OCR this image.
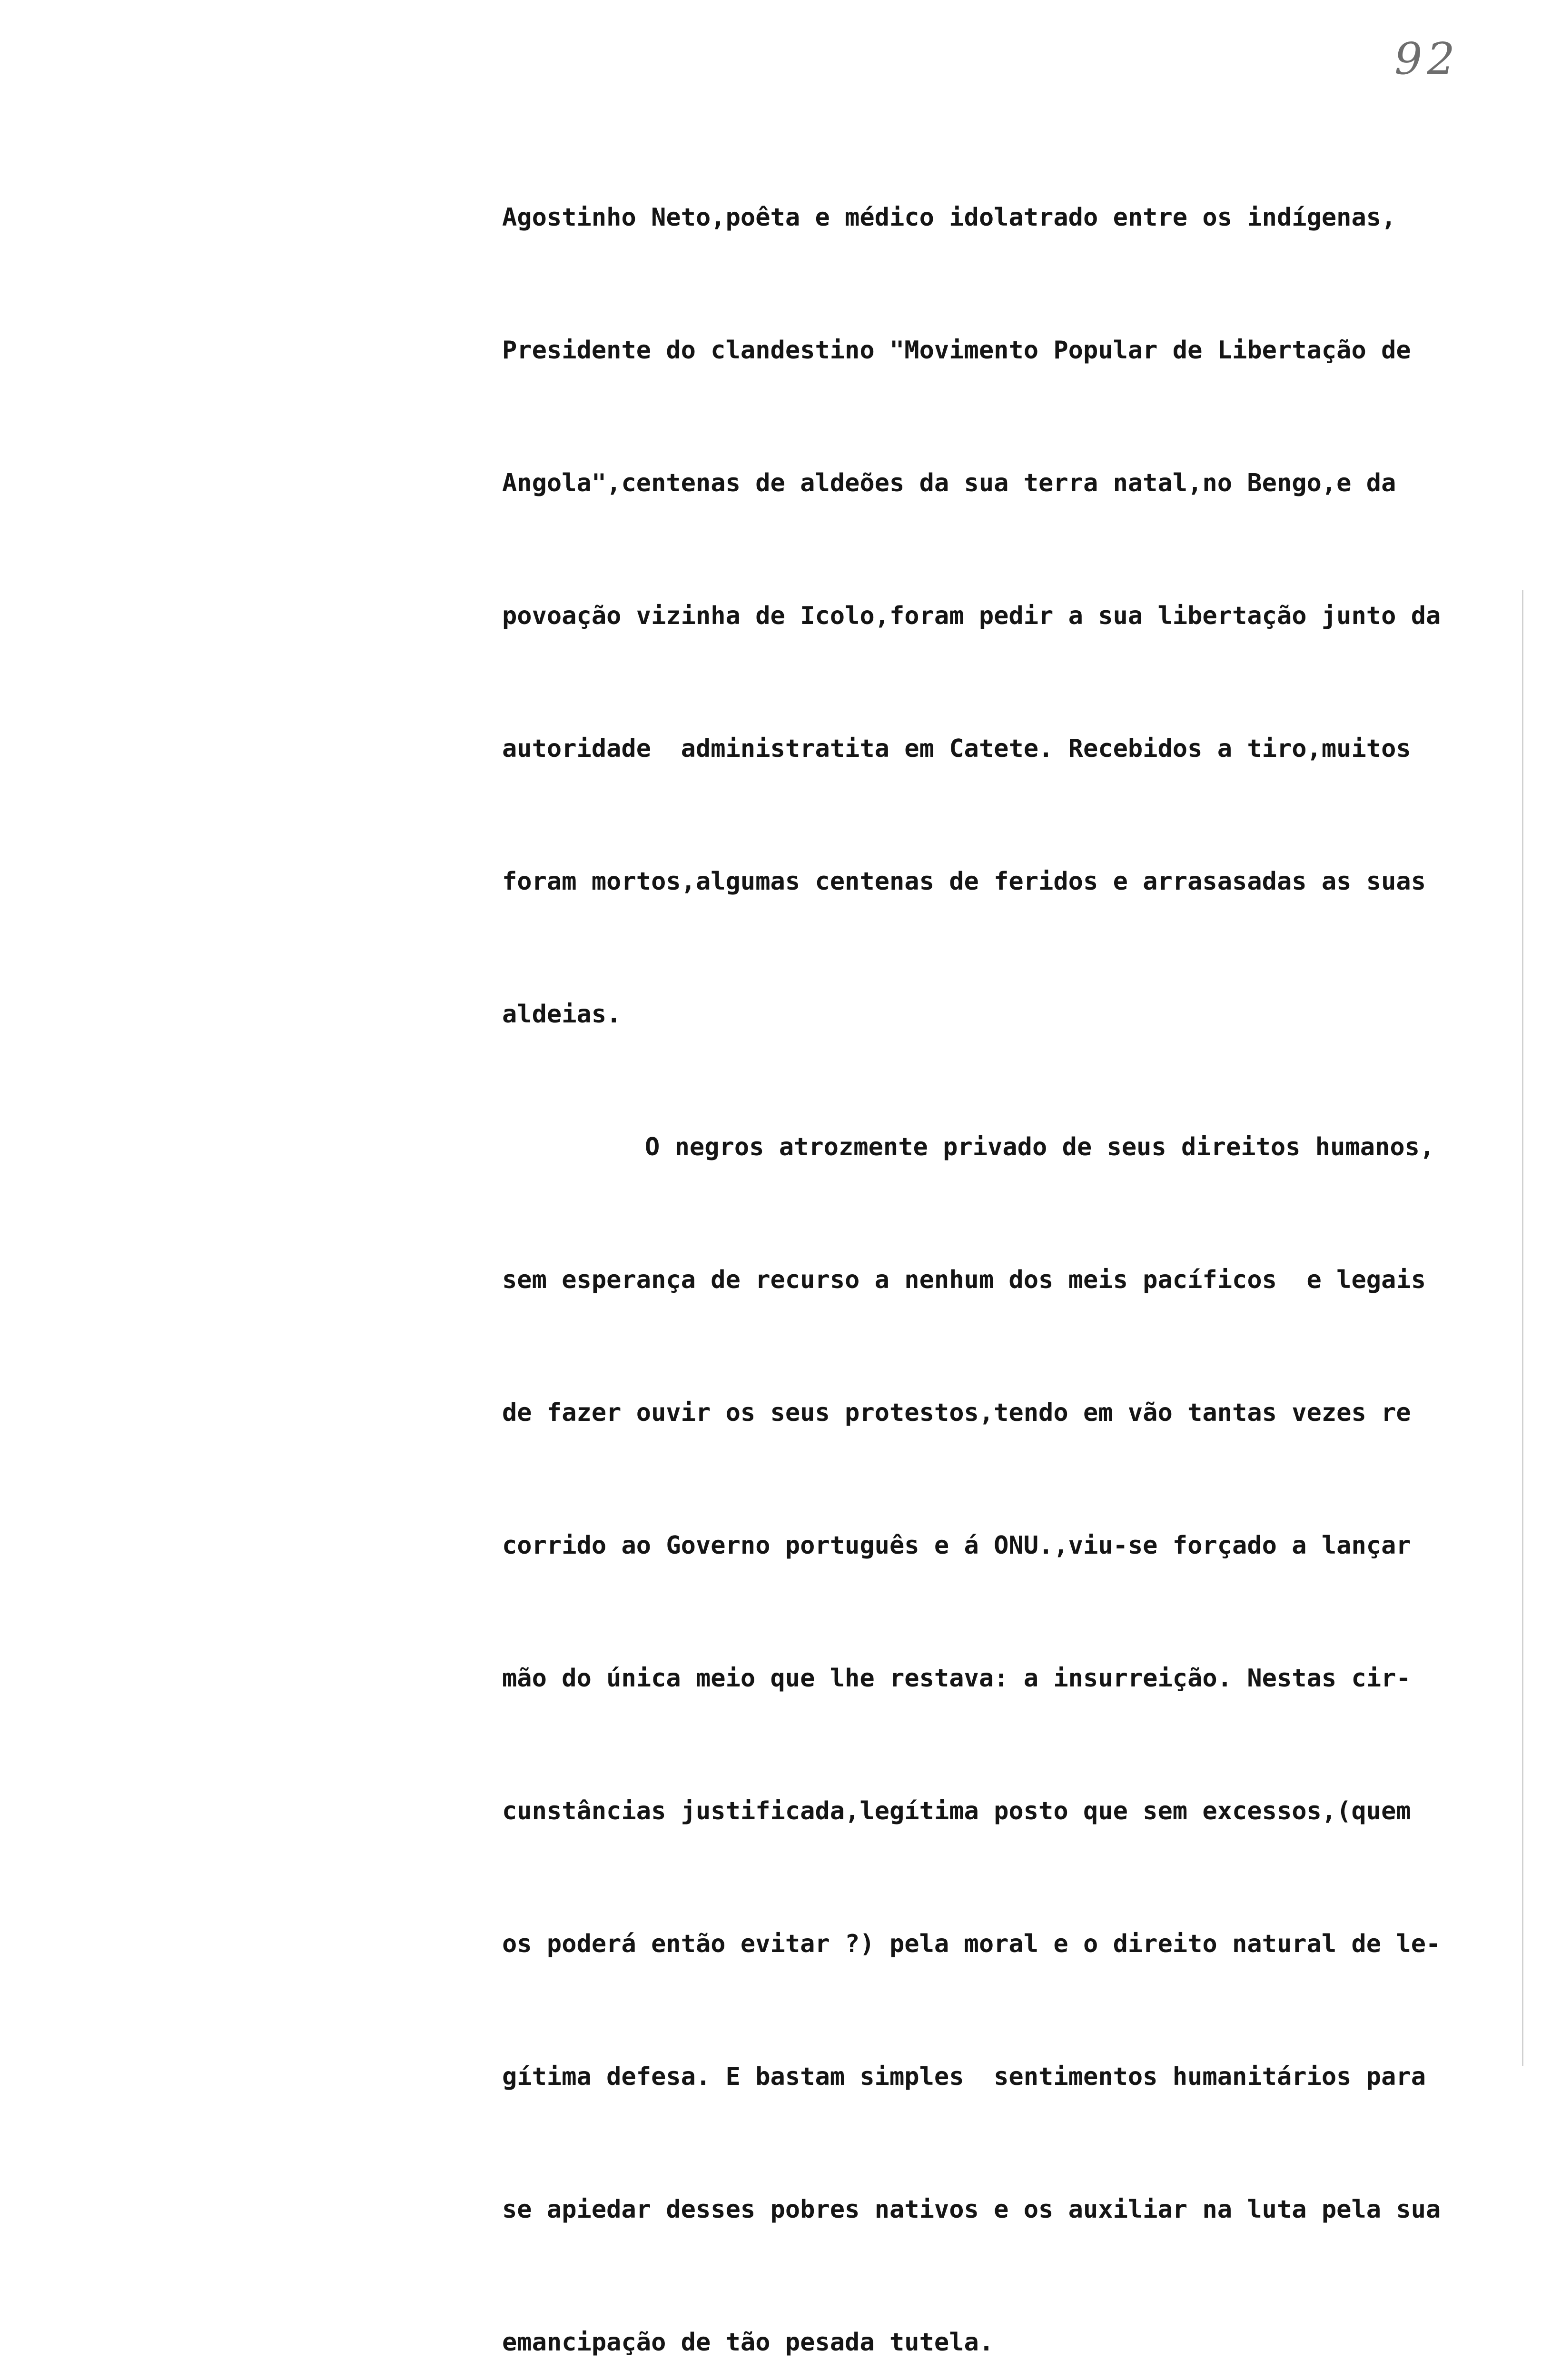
92

Agostinho Neto,poêta e médico idolatrado entre os indígenas,

Presidente do clandestino "Movimento Popular de Libertação de

Angola",centenas de aldeões da sua terra natal,no Bengo,e da

povoação vizinha de Icolo,foram pedir a sua libertação junto da

autoridade  administratita em Catete. Recebidos a tiro,muitos

foram mortos,algumas centenas de feridos e arrasasadas as suas

aldeias.

O negros atrozmente privado de seus direitos humanos,

sem esperança de recurso a nenhum dos meis pacíficos  e legais

de fazer ouvir os seus protestos,tendo em vão tantas vezes re

corrido ao Governo português e á ONU.,viu-se forçado a lançar

mão do única meio que lhe restava: a insurreição. Nestas cir-

cunstâncias justificada,legítima posto que sem excessos,(quem

os poderá então evitar ?) pela moral e o direito natural de le-

gítima defesa. E bastam simples  sentimentos humanitários para

se apiedar desses pobres nativos e os auxiliar na luta pela sua

emancipação de tão pesada tutela.
